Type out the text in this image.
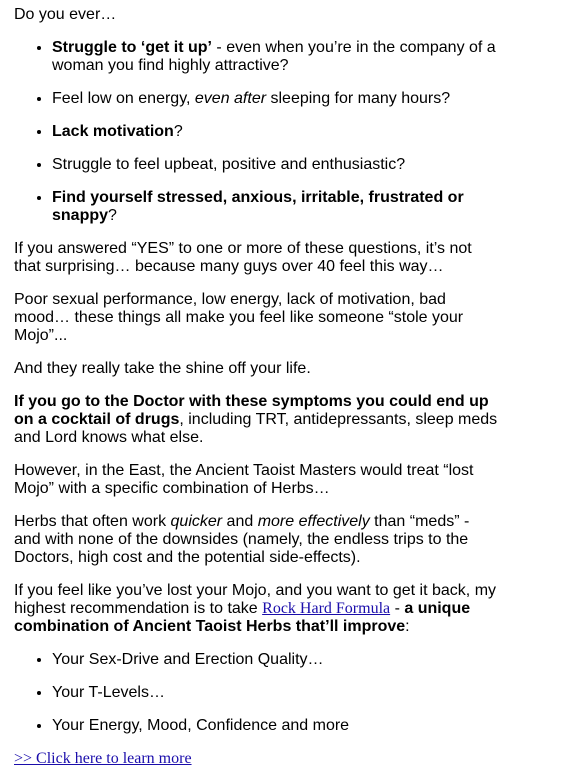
Do you ever…

• Struggle to ‘get it up’ - even when you’re in the company of a woman you find highly attractive?
• Feel low on energy, even after sleeping for many hours?
• Lack motivation?
• Struggle to feel upbeat, positive and enthusiastic?
• Find yourself stressed, anxious, irritable, frustrated or snappy?

If you answered “YES” to one or more of these questions, it’s not that surprising… because many guys over 40 feel this way…

Poor sexual performance, low energy, lack of motivation, bad mood… these things all make you feel like someone “stole your Mojo”...

And they really take the shine off your life.

If you go to the Doctor with these symptoms you could end up on a cocktail of drugs, including TRT, antidepressants, sleep meds and Lord knows what else.

However, in the East, the Ancient Taoist Masters would treat “lost Mojo” with a specific combination of Herbs…

Herbs that often work quicker and more effectively than “meds” - and with none of the downsides (namely, the endless trips to the Doctors, high cost and the potential side-effects).

If you feel like you’ve lost your Mojo, and you want to get it back, my highest recommendation is to take Rock Hard Formula - a unique combination of Ancient Taoist Herbs that’ll improve:

• Your Sex-Drive and Erection Quality…
• Your T-Levels…
• Your Energy, Mood, Confidence and more
>> Click here to learn more
